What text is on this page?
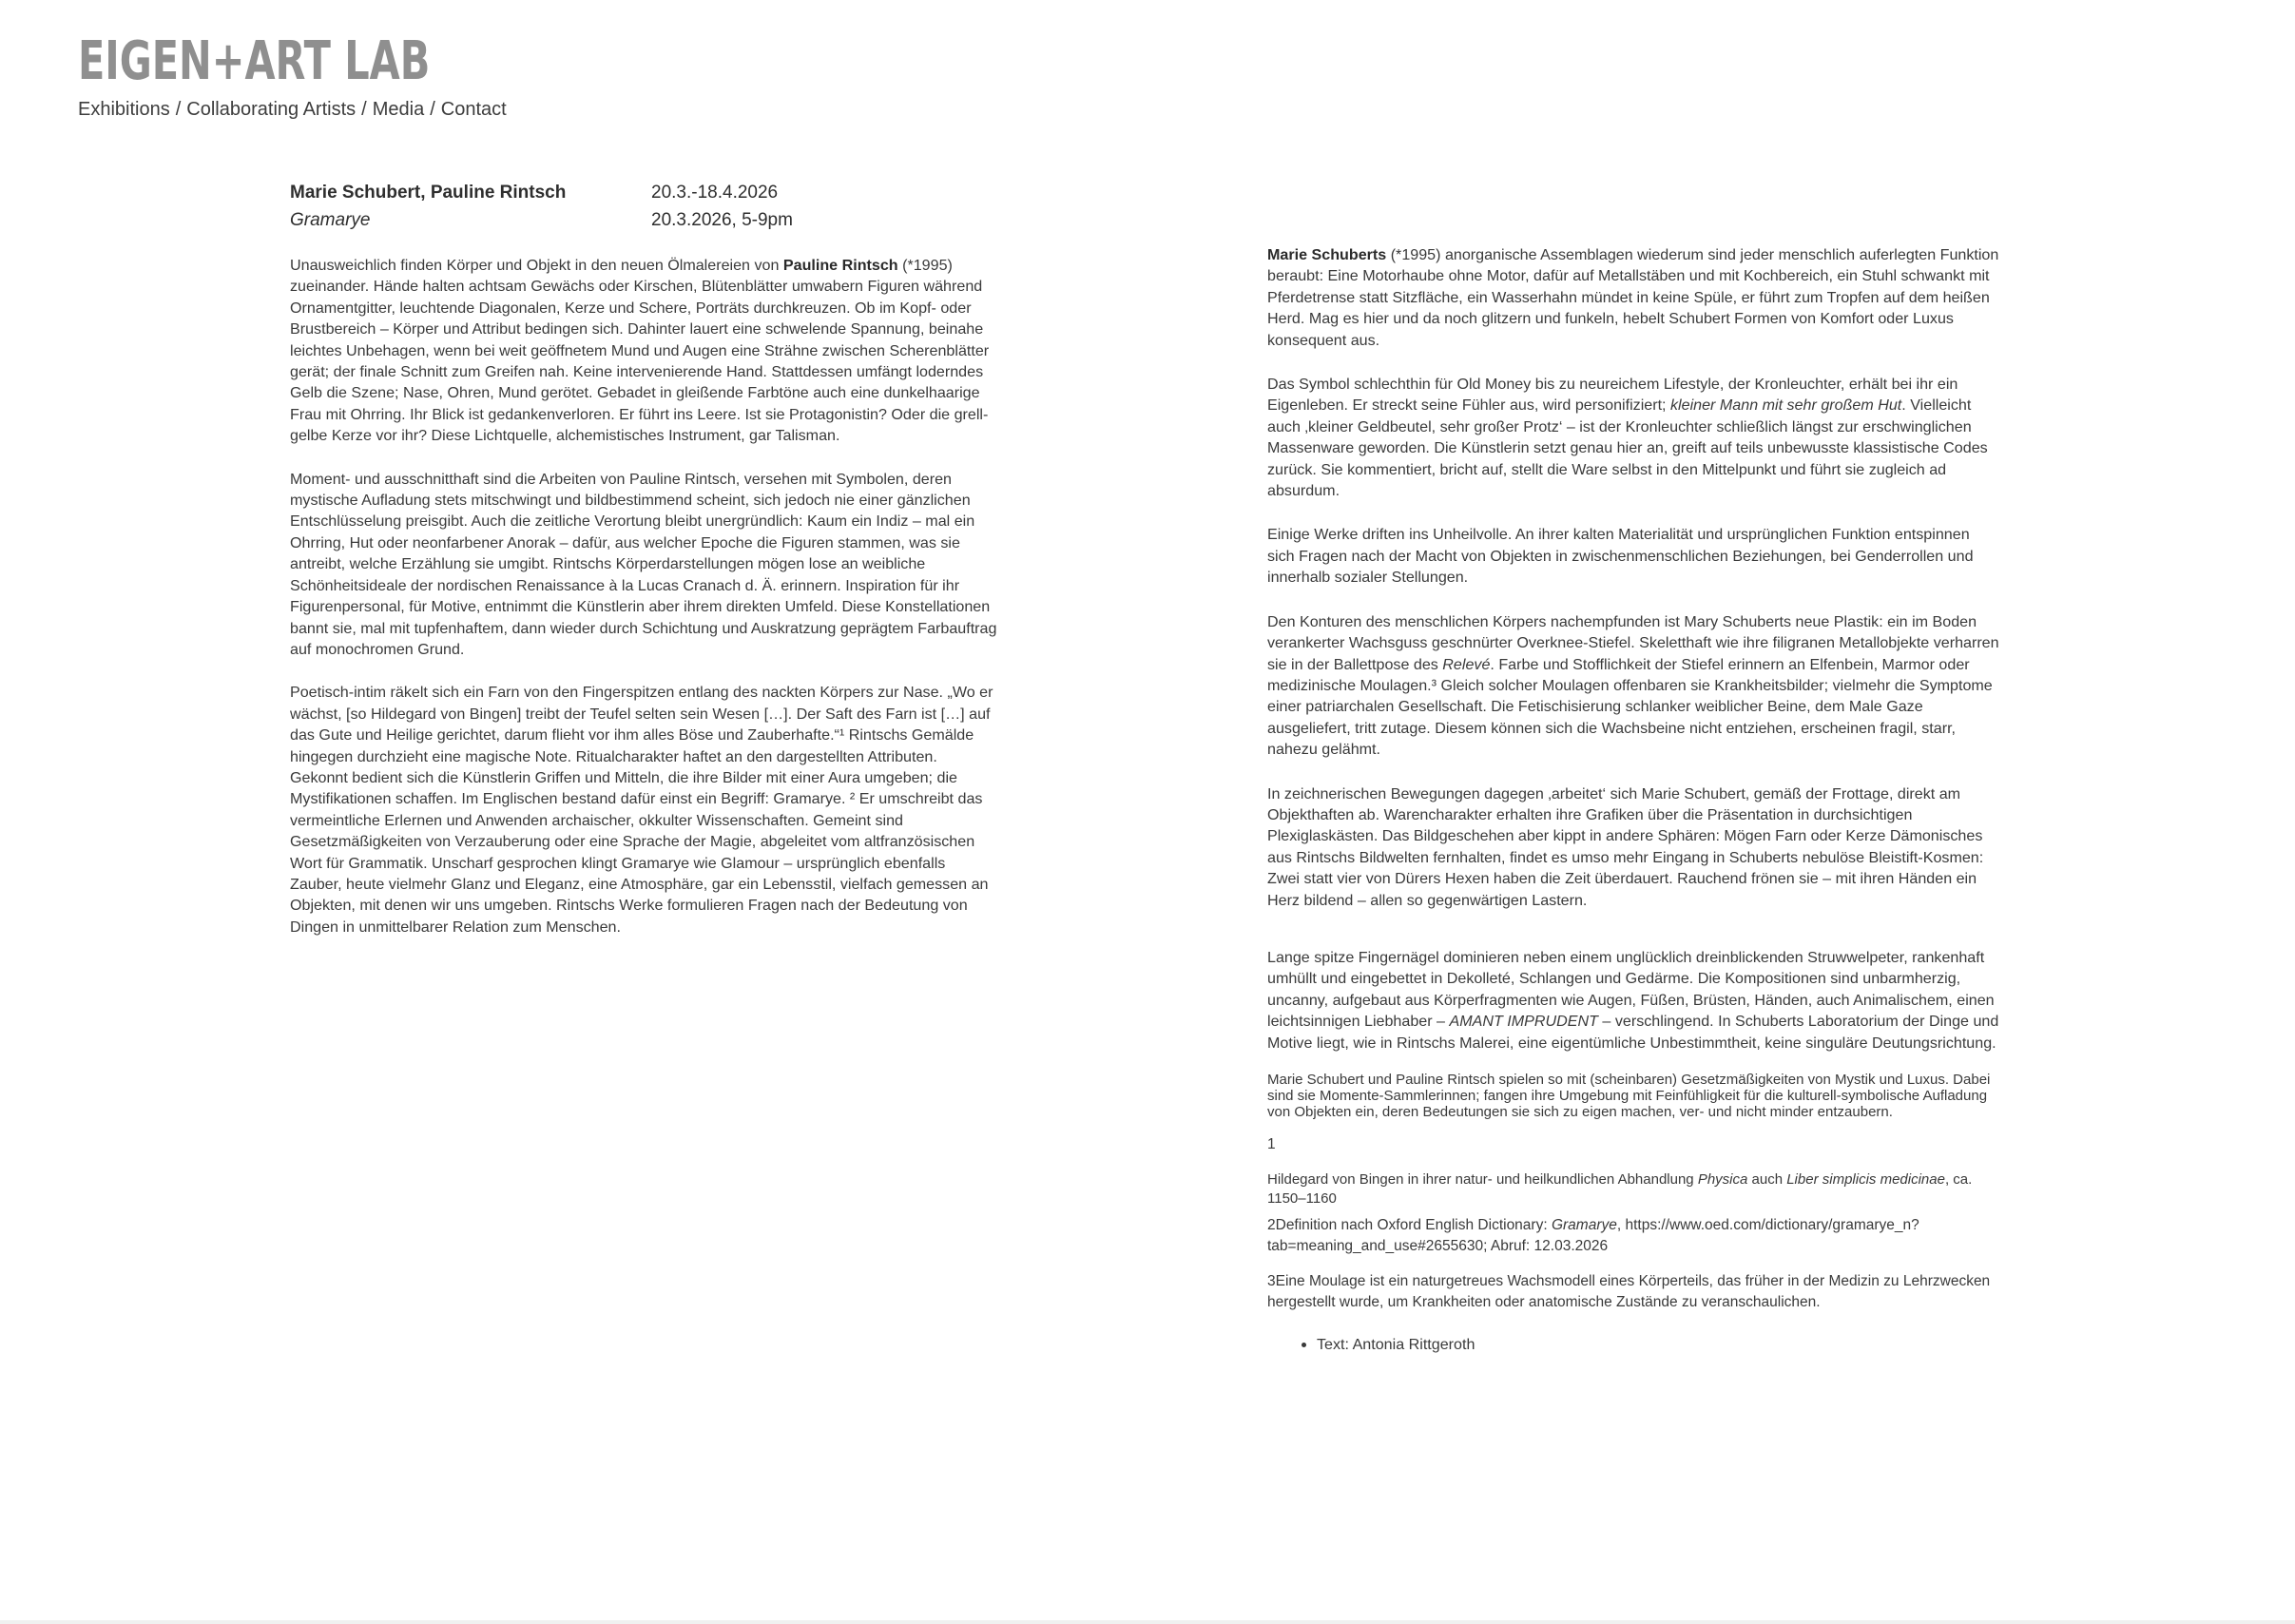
EIGEN+ART LAB
Exhibitions / Collaborating Artists / Media / Contact
Marie Schubert, Pauline Rintsch	20.3.-18.4.2026
Gramarye	20.3.2026, 5-9pm

Unausweichlich finden Körper und Objekt in den neuen Ölmalereien von Pauline Rintsch (*1995) zueinander. Hände halten achtsam Gewächs oder Kirschen, Blütenblätter umwabern Figuren während Ornamentgitter, leuchtende Diagonalen, Kerze und Schere, Porträts durchkreuzen. Ob im Kopf- oder Brustbereich – Körper und Attribut bedingen sich. Dahinter lauert eine schwelende Spannung, beinahe leichtes Unbehagen, wenn bei weit geöffnetem Mund und Augen eine Strähne zwischen Scherenblätter gerät; der finale Schnitt zum Greifen nah. Keine intervenierende Hand. Stattdessen umfängt loderndes Gelb die Szene; Nase, Ohren, Mund gerötet. Gebadet in gleißende Farbtöne auch eine dunkelhaarige Frau mit Ohrring. Ihr Blick ist gedankenverloren. Er führt ins Leere. Ist sie Protagonistin? Oder die grell-gelbe Kerze vor ihr? Diese Lichtquelle, alchemistisches Instrument, gar Talisman.

Moment- und ausschnitthaft sind die Arbeiten von Pauline Rintsch, versehen mit Symbolen, deren mystische Aufladung stets mitschwingt und bildbestimmend scheint, sich jedoch nie einer gänzlichen Entschlüsselung preisgibt. Auch die zeitliche Verortung bleibt unergründlich: Kaum ein Indiz – mal ein Ohrring, Hut oder neonfarbener Anorak – dafür, aus welcher Epoche die Figuren stammen, was sie antreibt, welche Erzählung sie umgibt. Rintschs Körperdarstellungen mögen lose an weibliche Schönheitsideale der nordischen Renaissance à la Lucas Cranach d. Ä. erinnern. Inspiration für ihr Figurenpersonal, für Motive, entnimmt die Künstlerin aber ihrem direkten Umfeld. Diese Konstellationen bannt sie, mal mit tupfenhaftem, dann wieder durch Schichtung und Auskratzung geprägtem Farbauftrag auf monochromen Grund.

Poetisch-intim räkelt sich ein Farn von den Fingerspitzen entlang des nackten Körpers zur Nase. „Wo er wächst, [so Hildegard von Bingen] treibt der Teufel selten sein Wesen […]. Der Saft des Farn ist […] auf das Gute und Heilige gerichtet, darum flieht vor ihm alles Böse und Zauberhafte.“¹ Rintschs Gemälde hingegen durchzieht eine magische Note. Ritualcharakter haftet an den dargestellten Attributen. Gekonnt bedient sich die Künstlerin Griffen und Mitteln, die ihre Bilder mit einer Aura umgeben; die Mystifikationen schaffen. Im Englischen bestand dafür einst ein Begriff: Gramarye. ² Er umschreibt das vermeintliche Erlernen und Anwenden archaischer, okkulter Wissenschaften. Gemeint sind Gesetzmäßigkeiten von Verzauberung oder eine Sprache der Magie, abgeleitet vom altfranzösischen Wort für Grammatik. Unscharf gesprochen klingt Gramarye wie Glamour – ursprünglich ebenfalls Zauber, heute vielmehr Glanz und Eleganz, eine Atmosphäre, gar ein Lebensstil, vielfach gemessen an Objekten, mit denen wir uns umgeben. Rintschs Werke formulieren Fragen nach der Bedeutung von Dingen in unmittelbarer Relation zum Menschen.

Marie Schuberts (*1995) anorganische Assemblagen wiederum sind jeder menschlich auferlegten Funktion beraubt: Eine Motorhaube ohne Motor, dafür auf Metallstäben und mit Kochbereich, ein Stuhl schwankt mit Pferdetrense statt Sitzfläche, ein Wasserhahn mündet in keine Spüle, er führt zum Tropfen auf dem heißen Herd. Mag es hier und da noch glitzern und funkeln, hebelt Schubert Formen von Komfort oder Luxus konsequent aus.

Das Symbol schlechthin für Old Money bis zu neureichem Lifestyle, der Kronleuchter, erhält bei ihr ein Eigenleben. Er streckt seine Fühler aus, wird personifiziert; kleiner Mann mit sehr großem Hut. Vielleicht auch ‚kleiner Geldbeutel, sehr großer Protz‘ – ist der Kronleuchter schließlich längst zur erschwinglichen Massenware geworden. Die Künstlerin setzt genau hier an, greift auf teils unbewusste klassistische Codes zurück. Sie kommentiert, bricht auf, stellt die Ware selbst in den Mittelpunkt und führt sie zugleich ad absurdum.

Einige Werke driften ins Unheilvolle. An ihrer kalten Materialität und ursprünglichen Funktion entspinnen sich Fragen nach der Macht von Objekten in zwischenmenschlichen Beziehungen, bei Genderrollen und innerhalb sozialer Stellungen.

Den Konturen des menschlichen Körpers nachempfunden ist Mary Schuberts neue Plastik: ein im Boden verankerter Wachsguss geschnürter Overknee-Stiefel. Skeletthaft wie ihre filigranen Metallobjekte verharren sie in der Ballettpose des Relevé. Farbe und Stofflichkeit der Stiefel erinnern an Elfenbein, Marmor oder medizinische Moulagen.³ Gleich solcher Moulagen offenbaren sie Krankheitsbilder; vielmehr die Symptome einer patriarchalen Gesellschaft. Die Fetischisierung schlanker weiblicher Beine, dem Male Gaze ausgeliefert, tritt zutage. Diesem können sich die Wachsbeine nicht entziehen, erscheinen fragil, starr, nahezu gelähmt.

In zeichnerischen Bewegungen dagegen ‚arbeitet‘ sich Marie Schubert, gemäß der Frottage, direkt am Objekthaften ab. Warencharakter erhalten ihre Grafiken über die Präsentation in durchsichtigen Plexiglaskästen. Das Bildgeschehen aber kippt in andere Sphären: Mögen Farn oder Kerze Dämonisches aus Rintschs Bildwelten fernhalten, findet es umso mehr Eingang in Schuberts nebulöse Bleistift-Kosmen: Zwei statt vier von Dürers Hexen haben die Zeit überdauert. Rauchend frönen sie – mit ihren Händen ein Herz bildend – allen so gegenwärtigen Lastern.

Lange spitze Fingernägel dominieren neben einem unglücklich dreinblickenden Struwwelpeter, rankenhaft umhüllt und eingebettet in Dekolleté, Schlangen und Gedärme. Die Kompositionen sind unbarmherzig, uncanny, aufgebaut aus Körperfragmenten wie Augen, Füßen, Brüsten, Händen, auch Animalischem, einen leichtsinnigen Liebhaber – AMANT IMPRUDENT – verschlingend. In Schuberts Laboratorium der Dinge und Motive liegt, wie in Rintschs Malerei, eine eigentümliche Unbestimmtheit, keine singuläre Deutungsrichtung.

Marie Schubert und Pauline Rintsch spielen so mit (scheinbaren) Gesetzmäßigkeiten von Mystik und Luxus. Dabei sind sie Momente-Sammlerinnen; fangen ihre Umgebung mit Feinfühligkeit für die kulturell-symbolische Aufladung von Objekten ein, deren Bedeutungen sie sich zu eigen machen, ver- und nicht minder entzaubern.

1

Hildegard von Bingen in ihrer natur- und heilkundlichen Abhandlung Physica auch Liber simplicis medicinae, ca. 1150–1160

2Definition nach Oxford English Dictionary: Gramarye, https://www.oed.com/dictionary/gramarye_n?tab=meaning_and_use#2655630; Abruf: 12.03.2026

3Eine Moulage ist ein naturgetreues Wachsmodell eines Körperteils, das früher in der Medizin zu Lehrzwecken hergestellt wurde, um Krankheiten oder anatomische Zustände zu veranschaulichen.

• Text: Antonia Rittgeroth
